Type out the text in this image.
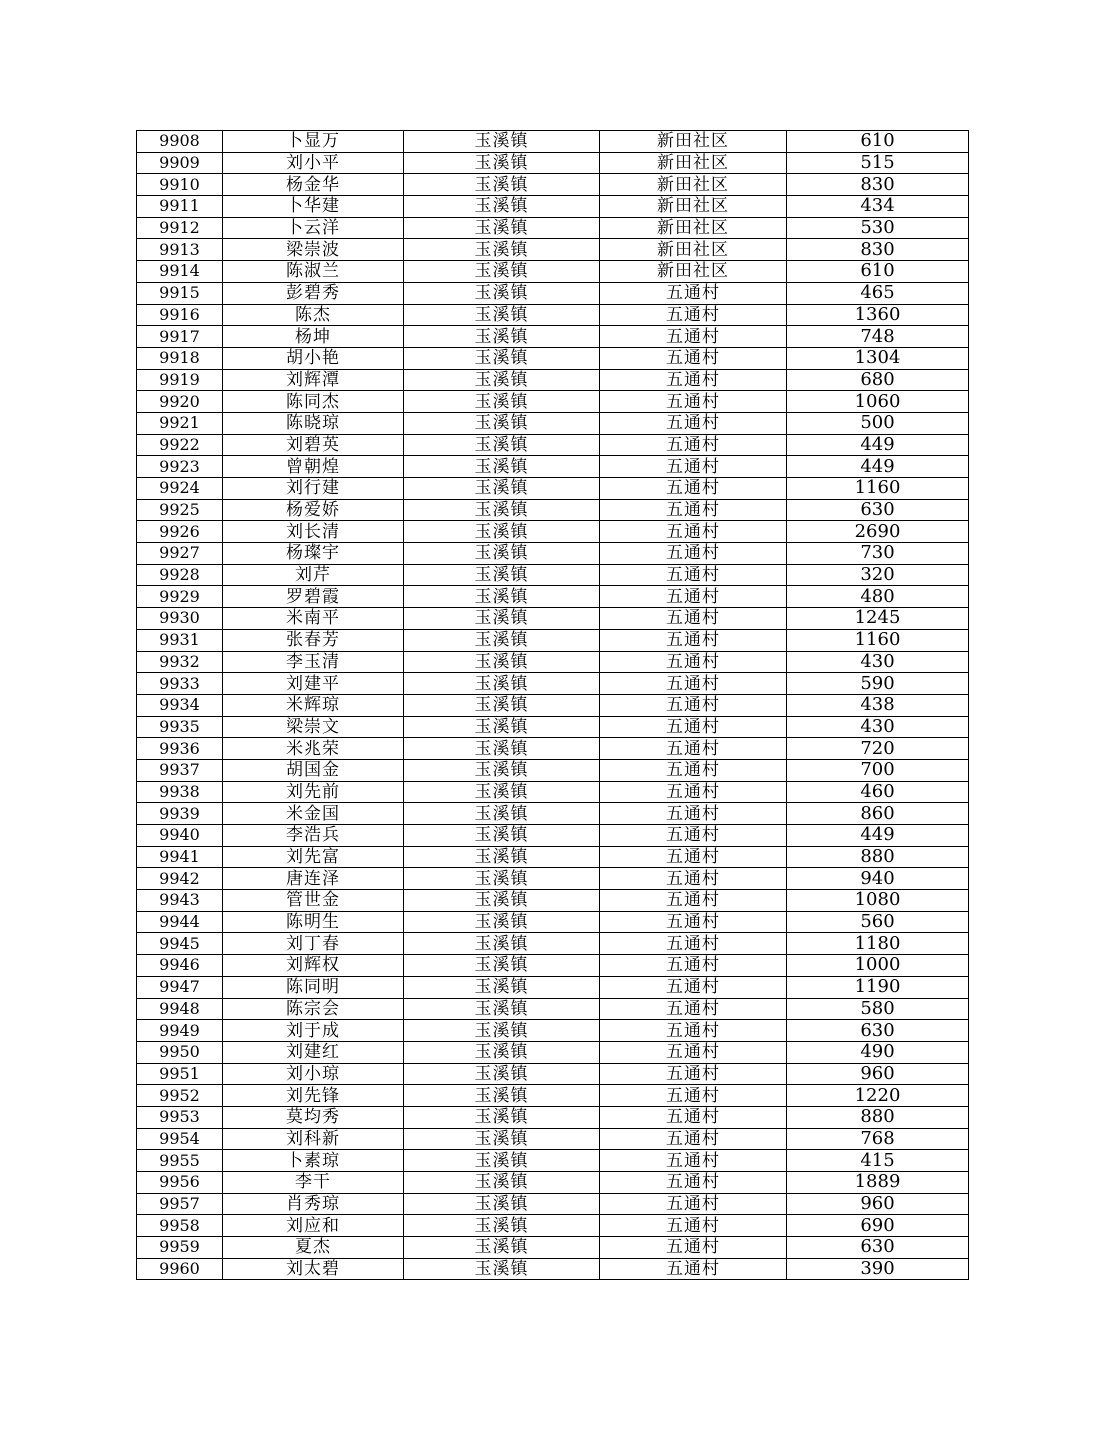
9908	卜显万	玉溪镇	新田社区	610
9909	刘小平	玉溪镇	新田社区	515
9910	杨金华	玉溪镇	新田社区	830
9911	卜华建	玉溪镇	新田社区	434
9912	卜云洋	玉溪镇	新田社区	530
9913	梁崇波	玉溪镇	新田社区	830
9914	陈淑兰	玉溪镇	新田社区	610
9915	彭碧秀	玉溪镇	五通村	465
9916	陈杰	玉溪镇	五通村	1360
9917	杨坤	玉溪镇	五通村	748
9918	胡小艳	玉溪镇	五通村	1304
9919	刘辉潭	玉溪镇	五通村	680
9920	陈同杰	玉溪镇	五通村	1060
9921	陈晓琼	玉溪镇	五通村	500
9922	刘碧英	玉溪镇	五通村	449
9923	曾朝煌	玉溪镇	五通村	449
9924	刘行建	玉溪镇	五通村	1160
9925	杨爱娇	玉溪镇	五通村	630
9926	刘长清	玉溪镇	五通村	2690
9927	杨璨宇	玉溪镇	五通村	730
9928	刘芹	玉溪镇	五通村	320
9929	罗碧霞	玉溪镇	五通村	480
9930	米南平	玉溪镇	五通村	1245
9931	张春芳	玉溪镇	五通村	1160
9932	李玉清	玉溪镇	五通村	430
9933	刘建平	玉溪镇	五通村	590
9934	米辉琼	玉溪镇	五通村	438
9935	梁崇文	玉溪镇	五通村	430
9936	米兆荣	玉溪镇	五通村	720
9937	胡国金	玉溪镇	五通村	700
9938	刘先前	玉溪镇	五通村	460
9939	米金国	玉溪镇	五通村	860
9940	李浩兵	玉溪镇	五通村	449
9941	刘先富	玉溪镇	五通村	880
9942	唐连泽	玉溪镇	五通村	940
9943	管世金	玉溪镇	五通村	1080
9944	陈明生	玉溪镇	五通村	560
9945	刘丁春	玉溪镇	五通村	1180
9946	刘辉权	玉溪镇	五通村	1000
9947	陈同明	玉溪镇	五通村	1190
9948	陈宗会	玉溪镇	五通村	580
9949	刘于成	玉溪镇	五通村	630
9950	刘建红	玉溪镇	五通村	490
9951	刘小琼	玉溪镇	五通村	960
9952	刘先锋	玉溪镇	五通村	1220
9953	莫均秀	玉溪镇	五通村	880
9954	刘科新	玉溪镇	五通村	768
9955	卜素琼	玉溪镇	五通村	415
9956	李干	玉溪镇	五通村	1889
9957	肖秀琼	玉溪镇	五通村	960
9958	刘应和	玉溪镇	五通村	690
9959	夏杰	玉溪镇	五通村	630
9960	刘太碧	玉溪镇	五通村	390
